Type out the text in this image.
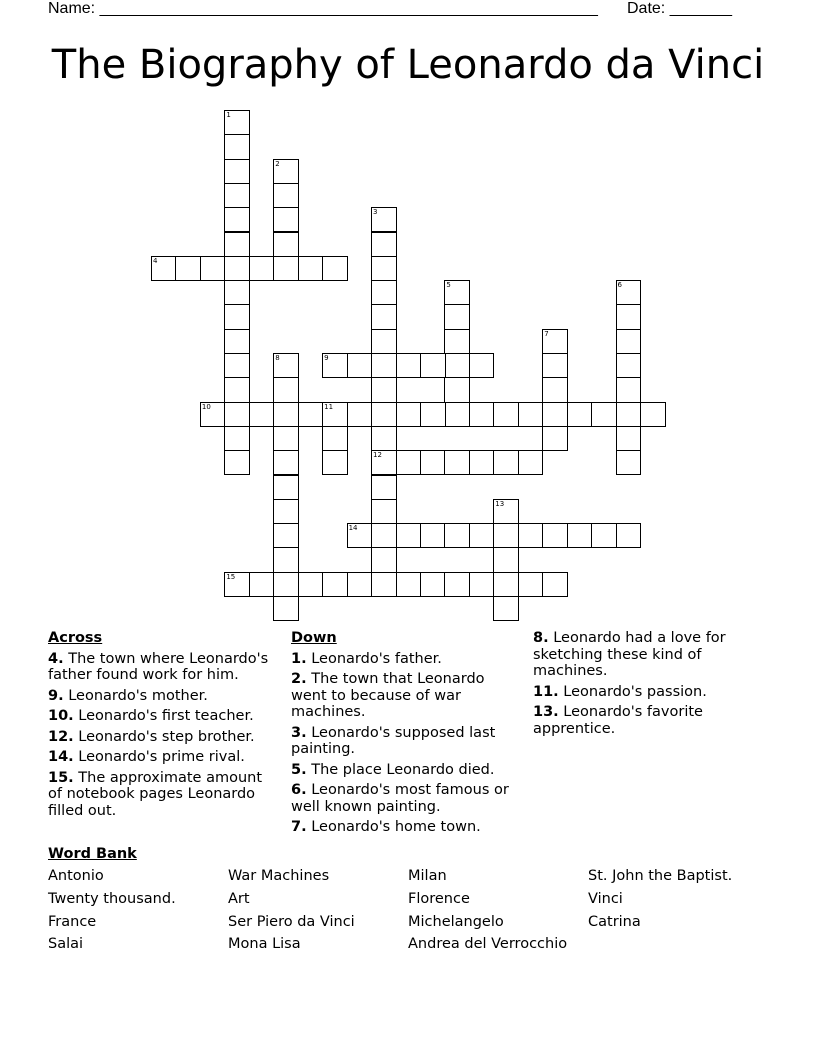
Name: ________________________________________________________ Date: _______
The Biography of Leonardo da Vinci
1
2
3
12
4
5	6
7
8	9
10	11
13
14
15
Across
4. The town where Leonardo's father found work for him.
9. Leonardo's mother.
10. Leonardo's first teacher.
12. Leonardo's step brother.
14. Leonardo's prime rival.
15. The approximate amount of notebook pages Leonardo filled out.
Down
1. Leonardo's father.
2. The town that Leonardo went to because of war machines.
3. Leonardo's supposed last painting.
5. The place Leonardo died.
6. Leonardo's most famous or well known painting.
7. Leonardo's home town.
8. Leonardo had a love for sketching these kind of machines.
11. Leonardo's passion.
13. Leonardo's favorite apprentice.
Word Bank
Antonio	War Machines	Milan	St. John the Baptist.
Twenty thousand.	Art	Florence	Vinci
France	Ser Piero da Vinci	Michelangelo	Catrina
Salai	Mona Lisa	Andrea del Verrocchio
